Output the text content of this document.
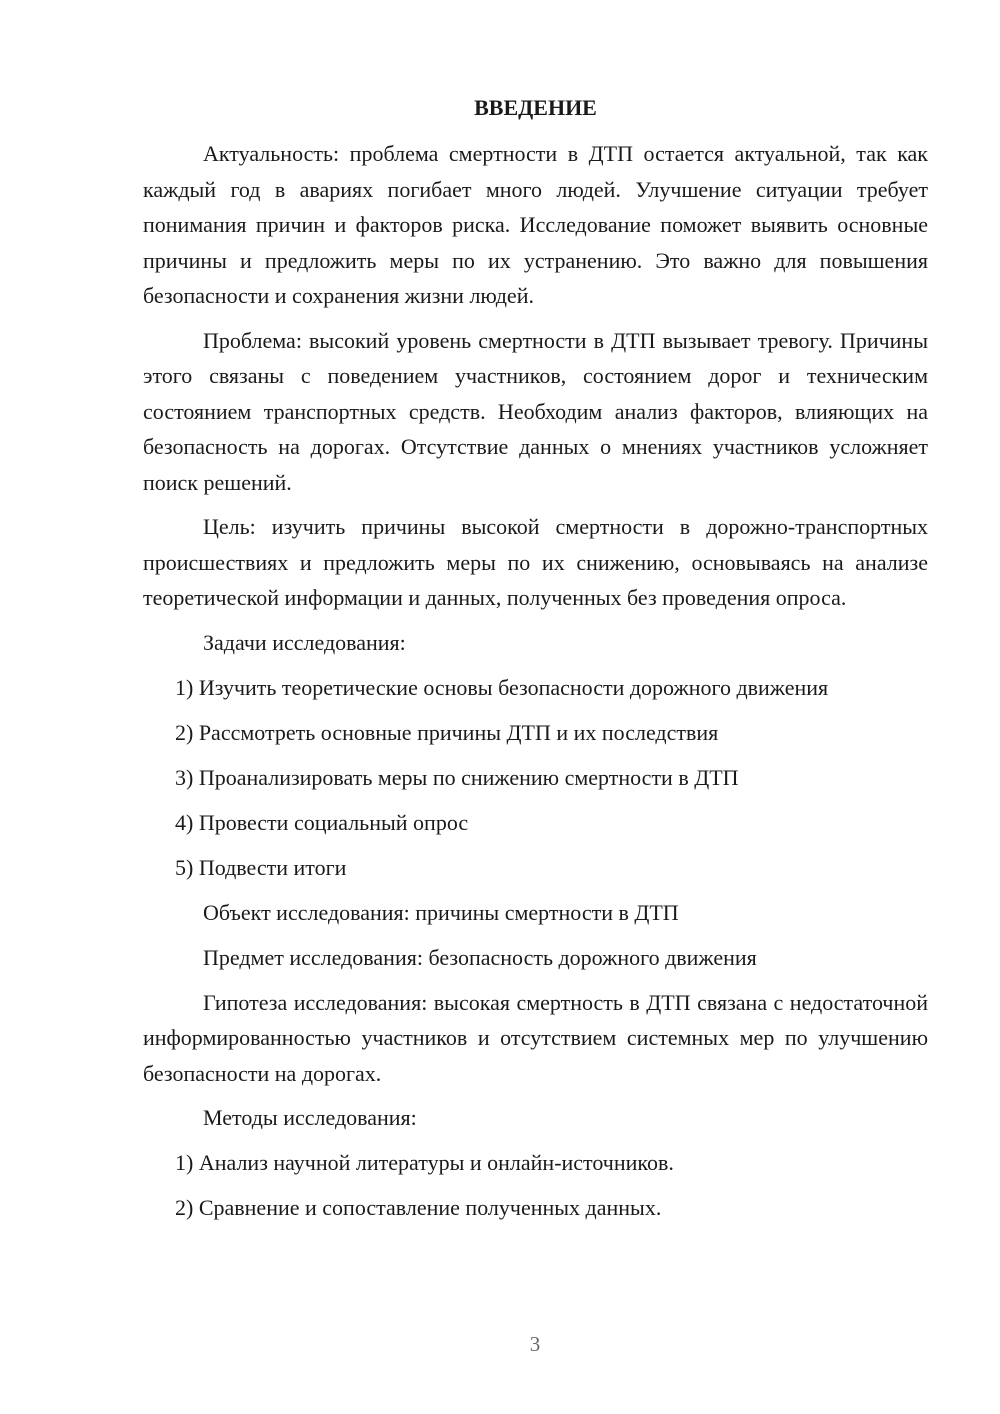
ВВЕДЕНИЕ

Актуальность: проблема смертности в ДТП остается актуальной, так как каждый год в авариях погибает много людей. Улучшение ситуации требует понимания причин и факторов риска. Исследование поможет выявить основные причины и предложить меры по их устранению. Это важно для повышения безопасности и сохранения жизни людей.

Проблема: высокий уровень смертности в ДТП вызывает тревогу. Причины этого связаны с поведением участников, состоянием дорог и техническим состоянием транспортных средств. Необходим анализ факторов, влияющих на безопасность на дорогах. Отсутствие данных о мнениях участников усложняет поиск решений.

Цель: изучить причины высокой смертности в дорожно-транспортных происшествиях и предложить меры по их снижению, основываясь на анализе теоретической информации и данных, полученных без проведения опроса.

Задачи исследования:
1) Изучить теоретические основы безопасности дорожного движения
2) Рассмотреть основные причины ДТП и их последствия
3) Проанализировать меры по снижению смертности в ДТП
4) Провести социальный опрос
5) Подвести итоги
Объект исследования: причины смертности в ДТП
Предмет исследования: безопасность дорожного движения

Гипотеза исследования: высокая смертность в ДТП связана с недостаточной информированностью участников и отсутствием системных мер по улучшению безопасности на дорогах.

Методы исследования:
1) Анализ научной литературы и онлайн-источников.
2) Сравнение и сопоставление полученных данных.
3
